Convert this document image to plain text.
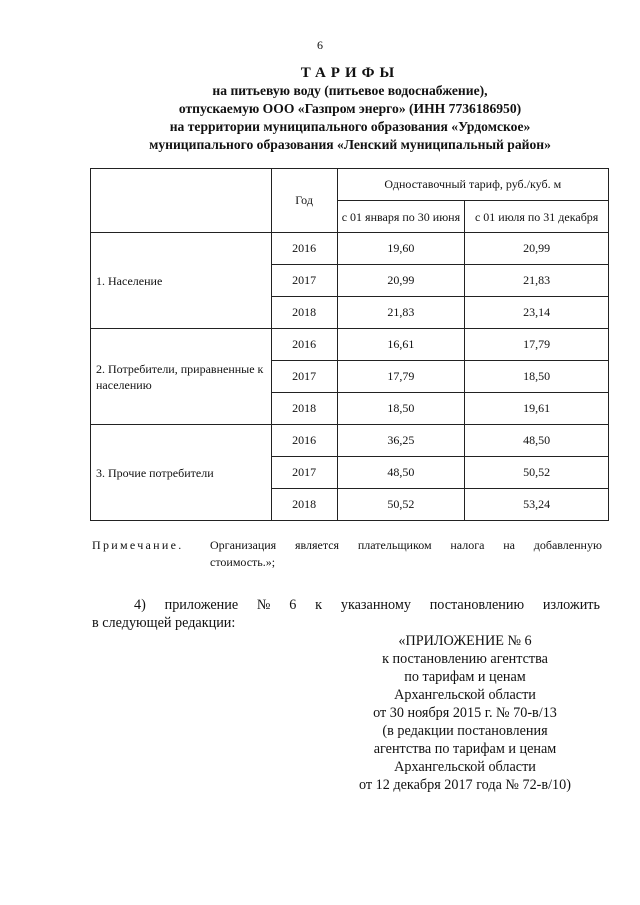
6
ТАРИФЫ
на питьевую воду (питьевое водоснабжение),
отпускаемую ООО «Газпром энерго» (ИНН 7736186950)
на территории муниципального образования «Урдомское»
муниципального образования «Ленский муниципальный район»
	Год	Одноставочный тариф, руб./куб. м	
		с 01 января по 30 июня	с 01 июля по 31 декабря
1. Население	2016	19,60	20,99
	2017	20,99	21,83
	2018	21,83	23,14
2. Потребители, приравненные к населению	2016	16,61	17,79
	2017	17,79	18,50
	2018	18,50	19,61
3. Прочие потребители	2016	36,25	48,50
	2017	48,50	50,52
	2018	50,52	53,24
Примечание.	Организация является плательщиком налога на добавленную
стоимость.»;
4) приложение № 6 к указанному постановлению изложить
в следующей редакции:
«ПРИЛОЖЕНИЕ № 6
к постановлению агентства
по тарифам и ценам
Архангельской области
от 30 ноября 2015 г. № 70-в/13
(в редакции постановления
агентства по тарифам и ценам
Архангельской области
от 12 декабря 2017 года № 72-в/10)
